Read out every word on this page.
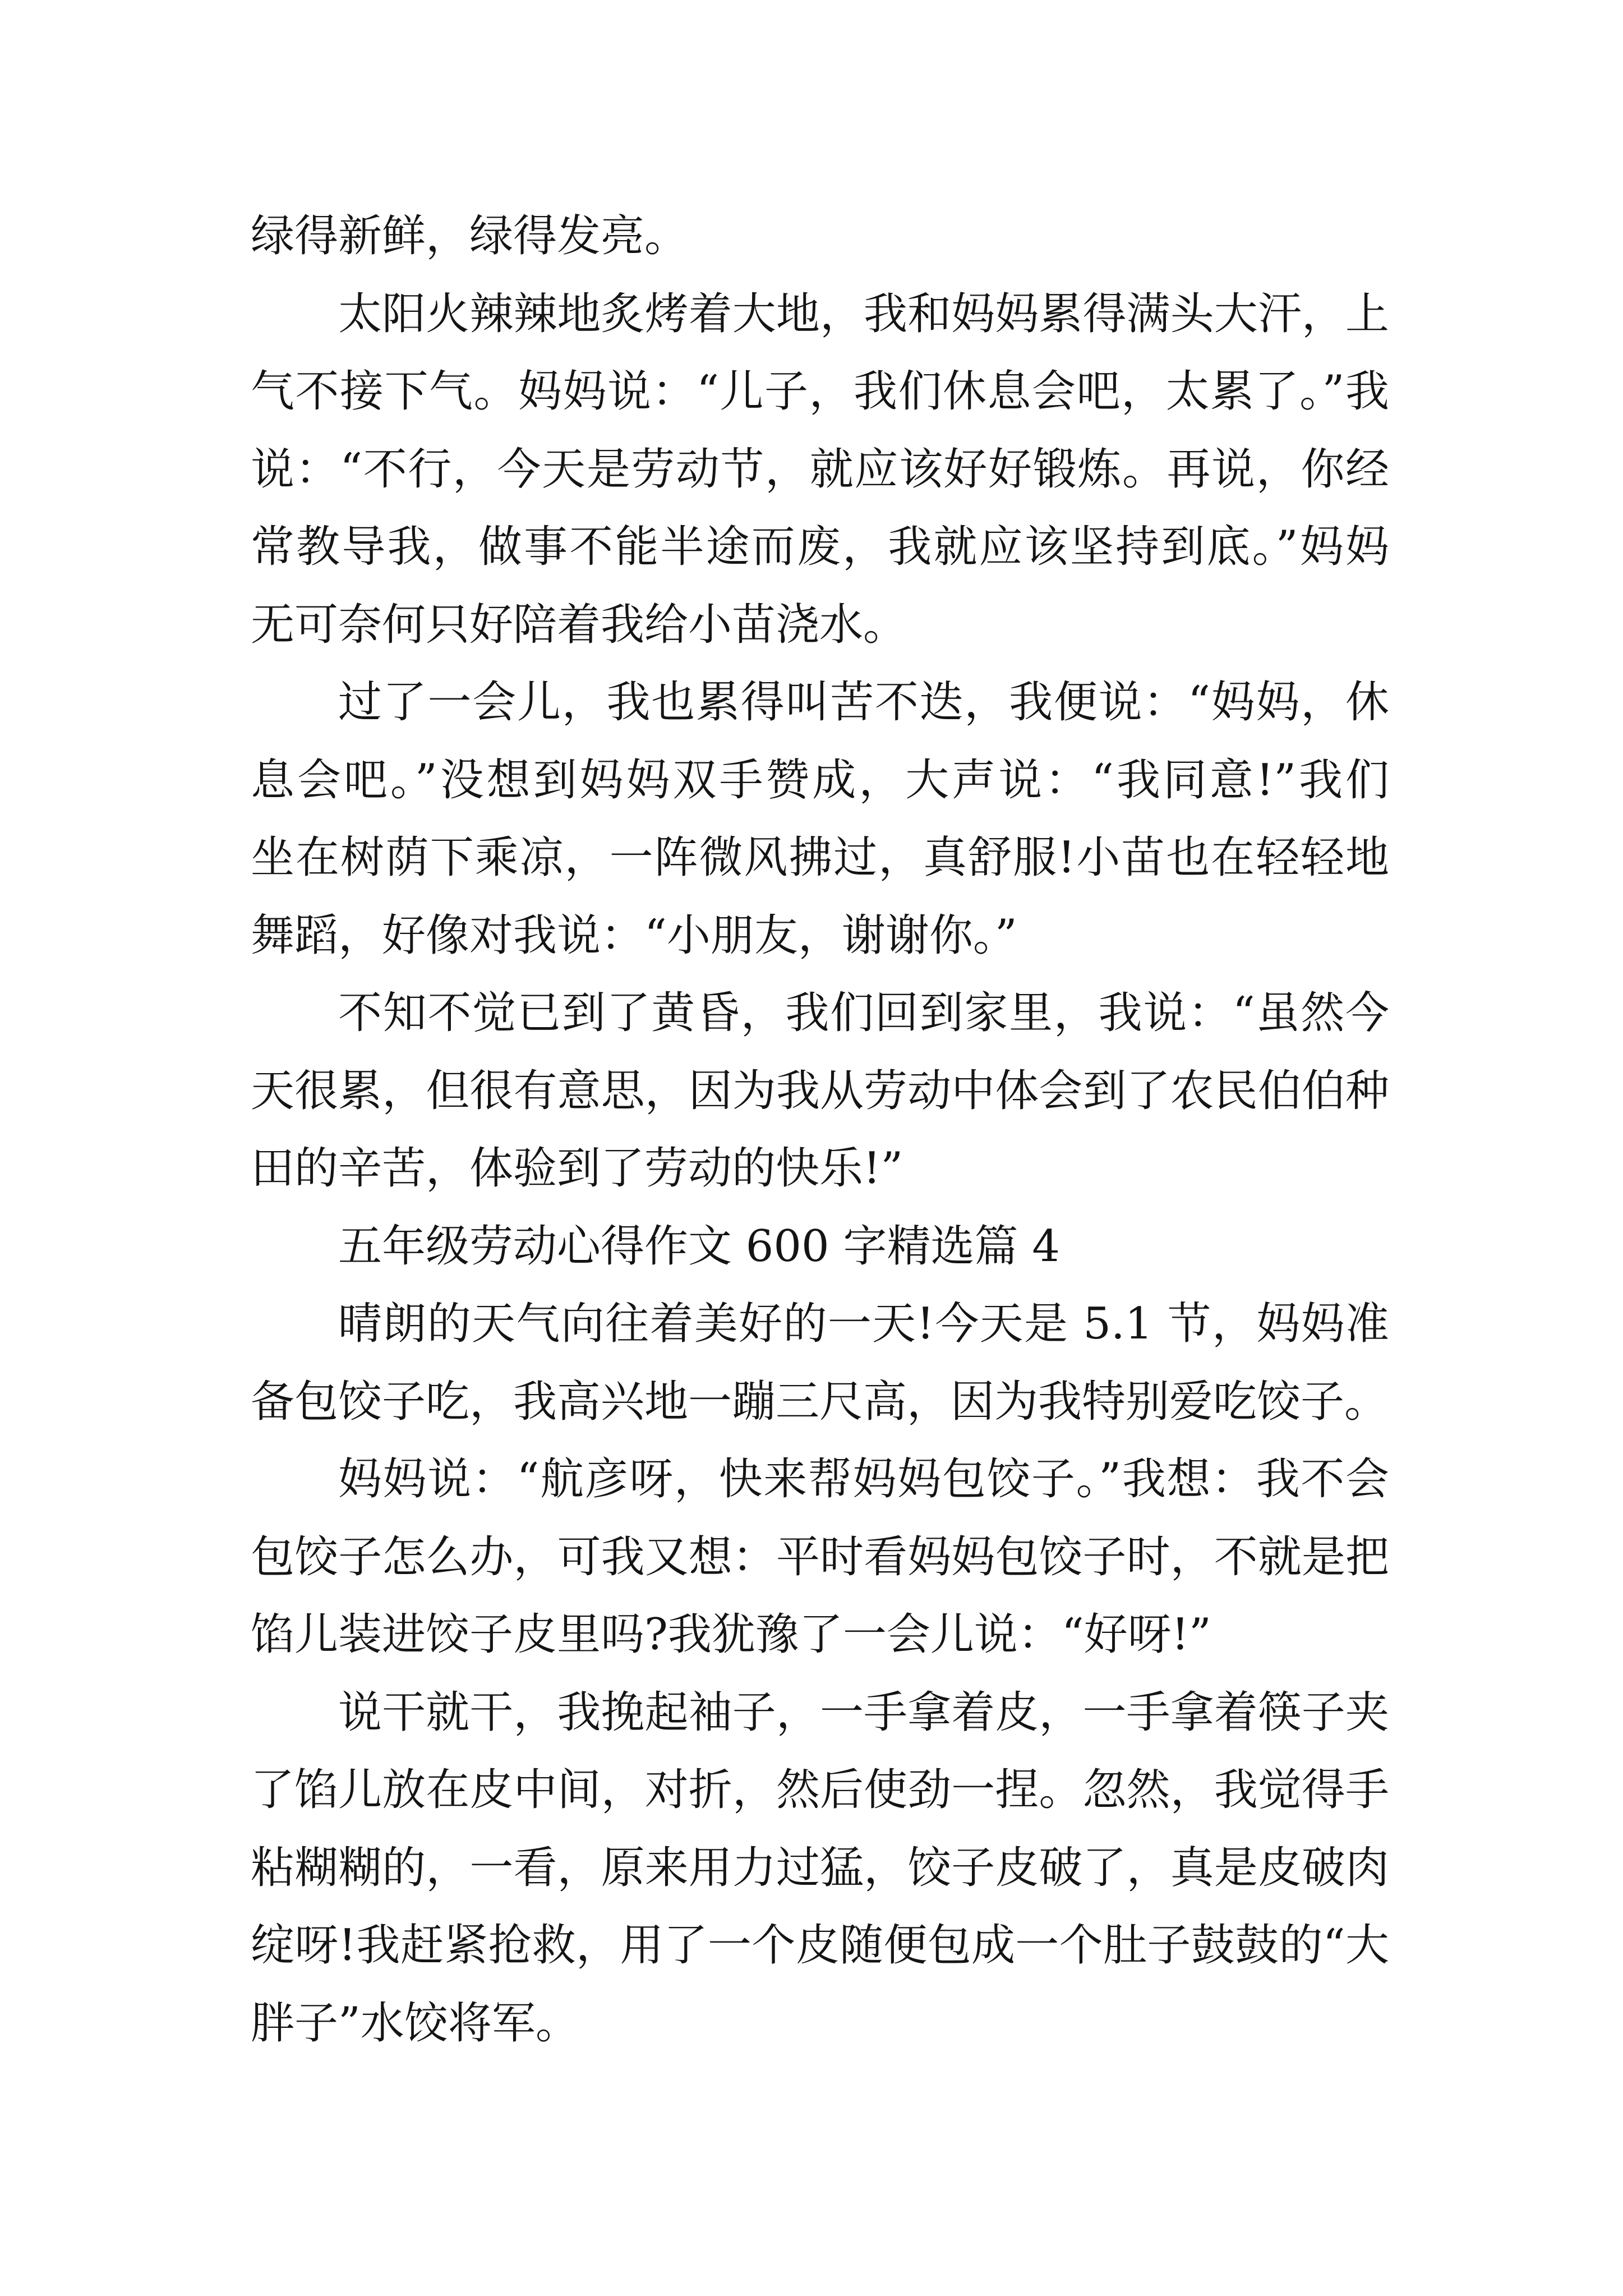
绿得新鲜，绿得发亮。

太阳火辣辣地炙烤着大地，我和妈妈累得满头大汗，上
气不接下气。妈妈说：“儿子，我们休息会吧，太累了。”我
说：“不行，今天是劳动节，就应该好好锻炼。再说，你经
常教导我，做事不能半途而废，我就应该坚持到底。”妈妈
无可奈何只好陪着我给小苗浇水。

过了一会儿，我也累得叫苦不迭，我便说：“妈妈，休
息会吧。”没想到妈妈双手赞成，大声说：“我同意!”我们
坐在树荫下乘凉，一阵微风拂过，真舒服!小苗也在轻轻地
舞蹈，好像对我说：“小朋友，谢谢你。”

不知不觉已到了黄昏，我们回到家里，我说：“虽然今
天很累，但很有意思，因为我从劳动中体会到了农民伯伯种
田的辛苦，体验到了劳动的快乐!”

五年级劳动心得作文 600 字精选篇 4

晴朗的天气向往着美好的一天!今天是 5.1 节，妈妈准
备包饺子吃，我高兴地一蹦三尺高，因为我特别爱吃饺子。

妈妈说：“航彦呀，快来帮妈妈包饺子。”我想：我不会
包饺子怎么办，可我又想：平时看妈妈包饺子时，不就是把
馅儿装进饺子皮里吗?我犹豫了一会儿说：“好呀!”

说干就干，我挽起袖子，一手拿着皮，一手拿着筷子夹
了馅儿放在皮中间，对折，然后使劲一捏。忽然，我觉得手
粘糊糊的，一看，原来用力过猛，饺子皮破了，真是皮破肉
绽呀!我赶紧抢救，用了一个皮随便包成一个肚子鼓鼓的“大
胖子”水饺将军。
